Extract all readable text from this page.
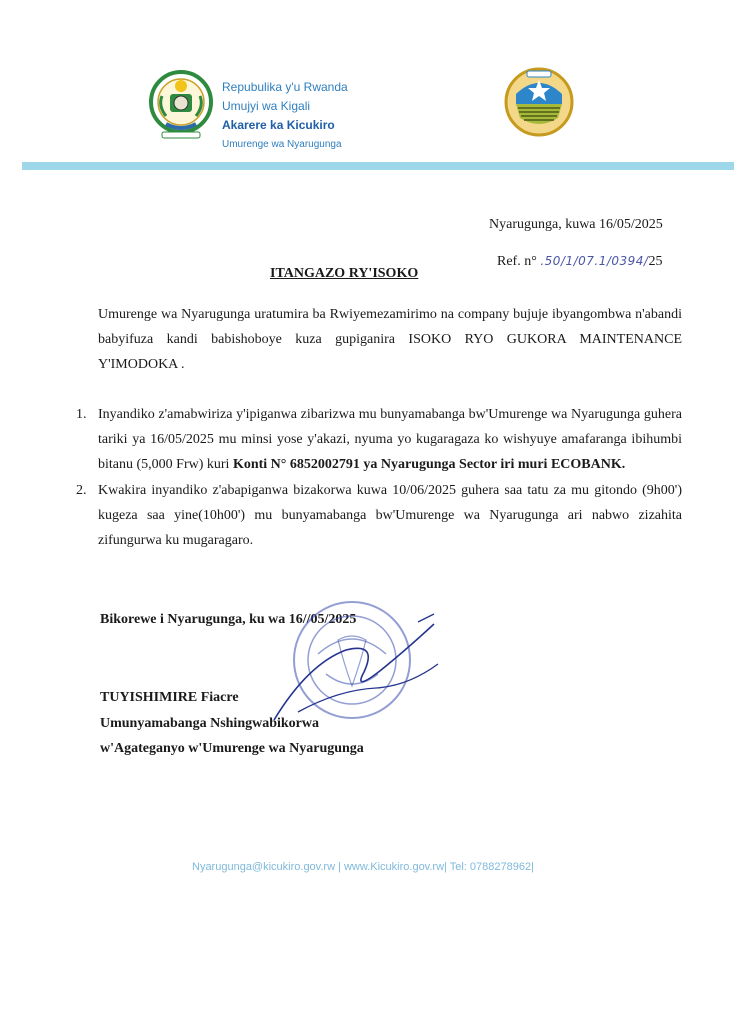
Repubulika y'u Rwanda
Umujyi wa Kigali
Akarere ka Kicukiro
Umurenge wa Nyarugunga
Nyarugunga, kuwa 16/05/2025
Ref. n° .50/1/07.1/0394/25
ITANGAZO RY'ISOKO
Umurenge wa Nyarugunga uratumira ba Rwiyemezamirimo na company bujuje ibyangombwa n'abandi babyifuza kandi babishoboye kuza gupiganira ISOKO RYO GUKORA MAINTENANCE Y'IMODOKA .
1. Inyandiko z'amabwiriza y'ipiganwa zibarizwa mu bunyamabanga bw'Umurenge wa Nyarugunga guhera tariki ya 16/05/2025 mu minsi yose y'akazi, nyuma yo kugaragaza ko wishyuye amafaranga ibihumbi bitanu (5,000 Frw) kuri Konti N° 6852002791 ya Nyarugunga Sector iri muri ECOBANK.
2. Kwakira inyandiko z'abapiganwa bizakorwa kuwa 10/06/2025 guhera saa tatu za mu gitondo (9h00') kugeza saa yine(10h00') mu bunyamabanga bw'Umurenge wa Nyarugunga ari nabwo zizahita zifungurwa ku mugaragaro.
Bikorewe i Nyarugunga, ku wa 16//05/2025
TUYISHIMIRE Fiacre
Umunyamabanga Nshingwabikorwa
w'Agateganyo w'Umurenge wa Nyarugunga
Nyarugunga@kicukiro.gov.rw | www.Kicukiro.gov.rw| Tel: 0788278962|
